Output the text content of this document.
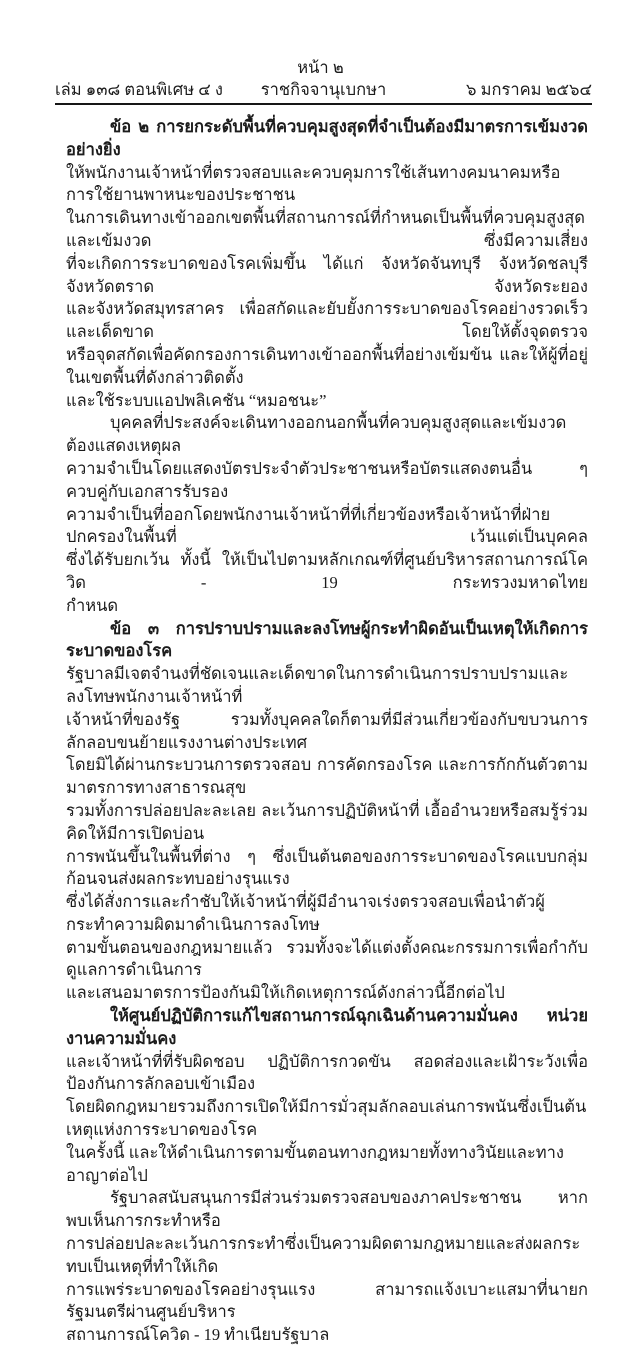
หน้า ๒
เล่ม ๑๓๘ ตอนพิเศษ ๔ ง ราชกิจจานุเบกษา	๖ มกราคม ๒๕๖๔
ข้อ ๒ การยกระดับพื้นที่ควบคุมสูงสุดที่จำเป็นต้องมีมาตรการเข้มงวดอย่างยิ่ง
ให้พนักงานเจ้าหน้าที่ตรวจสอบและควบคุมการใช้เส้นทางคมนาคมหรือการใช้ยานพาหนะของประชาชน
ในการเดินทางเข้าออกเขตพื้นที่สถานการณ์ที่กำหนดเป็นพื้นที่ควบคุมสูงสุดและเข้มงวด ซึ่งมีความเสี่ยง
ที่จะเกิดการระบาดของโรคเพิ่มขึ้น ได้แก่ จังหวัดจันทบุรี จังหวัดชลบุรี จังหวัดตราด จังหวัดระยอง
และจังหวัดสมุทรสาคร เพื่อสกัดและยับยั้งการระบาดของโรคอย่างรวดเร็วและเด็ดขาด โดยให้ตั้งจุดตรวจ
หรือจุดสกัดเพื่อคัดกรองการเดินทางเข้าออกพื้นที่อย่างเข้มข้น และให้ผู้ที่อยู่ในเขตพื้นที่ดังกล่าวติดตั้ง
และใช้ระบบแอปพลิเคชัน “หมอชนะ”
บุคคลที่ประสงค์จะเดินทางออกนอกพื้นที่ควบคุมสูงสุดและเข้มงวดต้องแสดงเหตุผล
ความจำเป็นโดยแสดงบัตรประจำตัวประชาชนหรือบัตรแสดงตนอื่น ๆ ควบคู่กับเอกสารรับรอง
ความจำเป็นที่ออกโดยพนักงานเจ้าหน้าที่ที่เกี่ยวข้องหรือเจ้าหน้าที่ฝ่ายปกครองในพื้นที่ เว้นแต่เป็นบุคคล
ซึ่งได้รับยกเว้น ทั้งนี้ ให้เป็นไปตามหลักเกณฑ์ที่ศูนย์บริหารสถานการณ์โควิด - 19 กระทรวงมหาดไทย
กำหนด
ข้อ ๓ การปราบปรามและลงโทษผู้กระทำผิดอันเป็นเหตุให้เกิดการระบาดของโรค
รัฐบาลมีเจตจำนงที่ชัดเจนและเด็ดขาดในการดำเนินการปราบปรามและลงโทษพนักงานเจ้าหน้าที่
เจ้าหน้าที่ของรัฐ รวมทั้งบุคคลใดก็ตามที่มีส่วนเกี่ยวข้องกับขบวนการลักลอบขนย้ายแรงงานต่างประเทศ
โดยมิได้ผ่านกระบวนการตรวจสอบ การคัดกรองโรค และการกักกันตัวตามมาตรการทางสาธารณสุข
รวมทั้งการปล่อยปละละเลย ละเว้นการปฏิบัติหน้าที่ เอื้ออำนวยหรือสมรู้ร่วมคิดให้มีการเปิดบ่อน
การพนันขึ้นในพื้นที่ต่าง ๆ ซึ่งเป็นต้นตอของการระบาดของโรคแบบกลุ่มก้อนจนส่งผลกระทบอย่างรุนแรง
ซึ่งได้สั่งการและกำชับให้เจ้าหน้าที่ผู้มีอำนาจเร่งตรวจสอบเพื่อนำตัวผู้กระทำความผิดมาดำเนินการลงโทษ
ตามขั้นตอนของกฎหมายแล้ว รวมทั้งจะได้แต่งตั้งคณะกรรมการเพื่อกำกับดูแลการดำเนินการ
และเสนอมาตรการป้องกันมิให้เกิดเหตุการณ์ดังกล่าวนี้อีกต่อไป
ให้ศูนย์ปฏิบัติการแก้ไขสถานการณ์ฉุกเฉินด้านความมั่นคง หน่วยงานความมั่นคง
และเจ้าหน้าที่ที่รับผิดชอบ ปฏิบัติการกวดขัน สอดส่องและเฝ้าระวังเพื่อป้องกันการลักลอบเข้าเมือง
โดยผิดกฎหมายรวมถึงการเปิดให้มีการมั่วสุมลักลอบเล่นการพนันซึ่งเป็นต้นเหตุแห่งการระบาดของโรค
ในครั้งนี้ และให้ดำเนินการตามขั้นตอนทางกฎหมายทั้งทางวินัยและทางอาญาต่อไป
รัฐบาลสนับสนุนการมีส่วนร่วมตรวจสอบของภาคประชาชน หากพบเห็นการกระทำหรือ
การปล่อยปละละเว้นการกระทำซึ่งเป็นความผิดตามกฎหมายและส่งผลกระทบเป็นเหตุที่ทำให้เกิด
การแพร่ระบาดของโรคอย่างรุนแรง สามารถแจ้งเบาะแสมาที่นายกรัฐมนตรีผ่านศูนย์บริหาร
สถานการณ์โควิด - 19 ทำเนียบรัฐบาล
